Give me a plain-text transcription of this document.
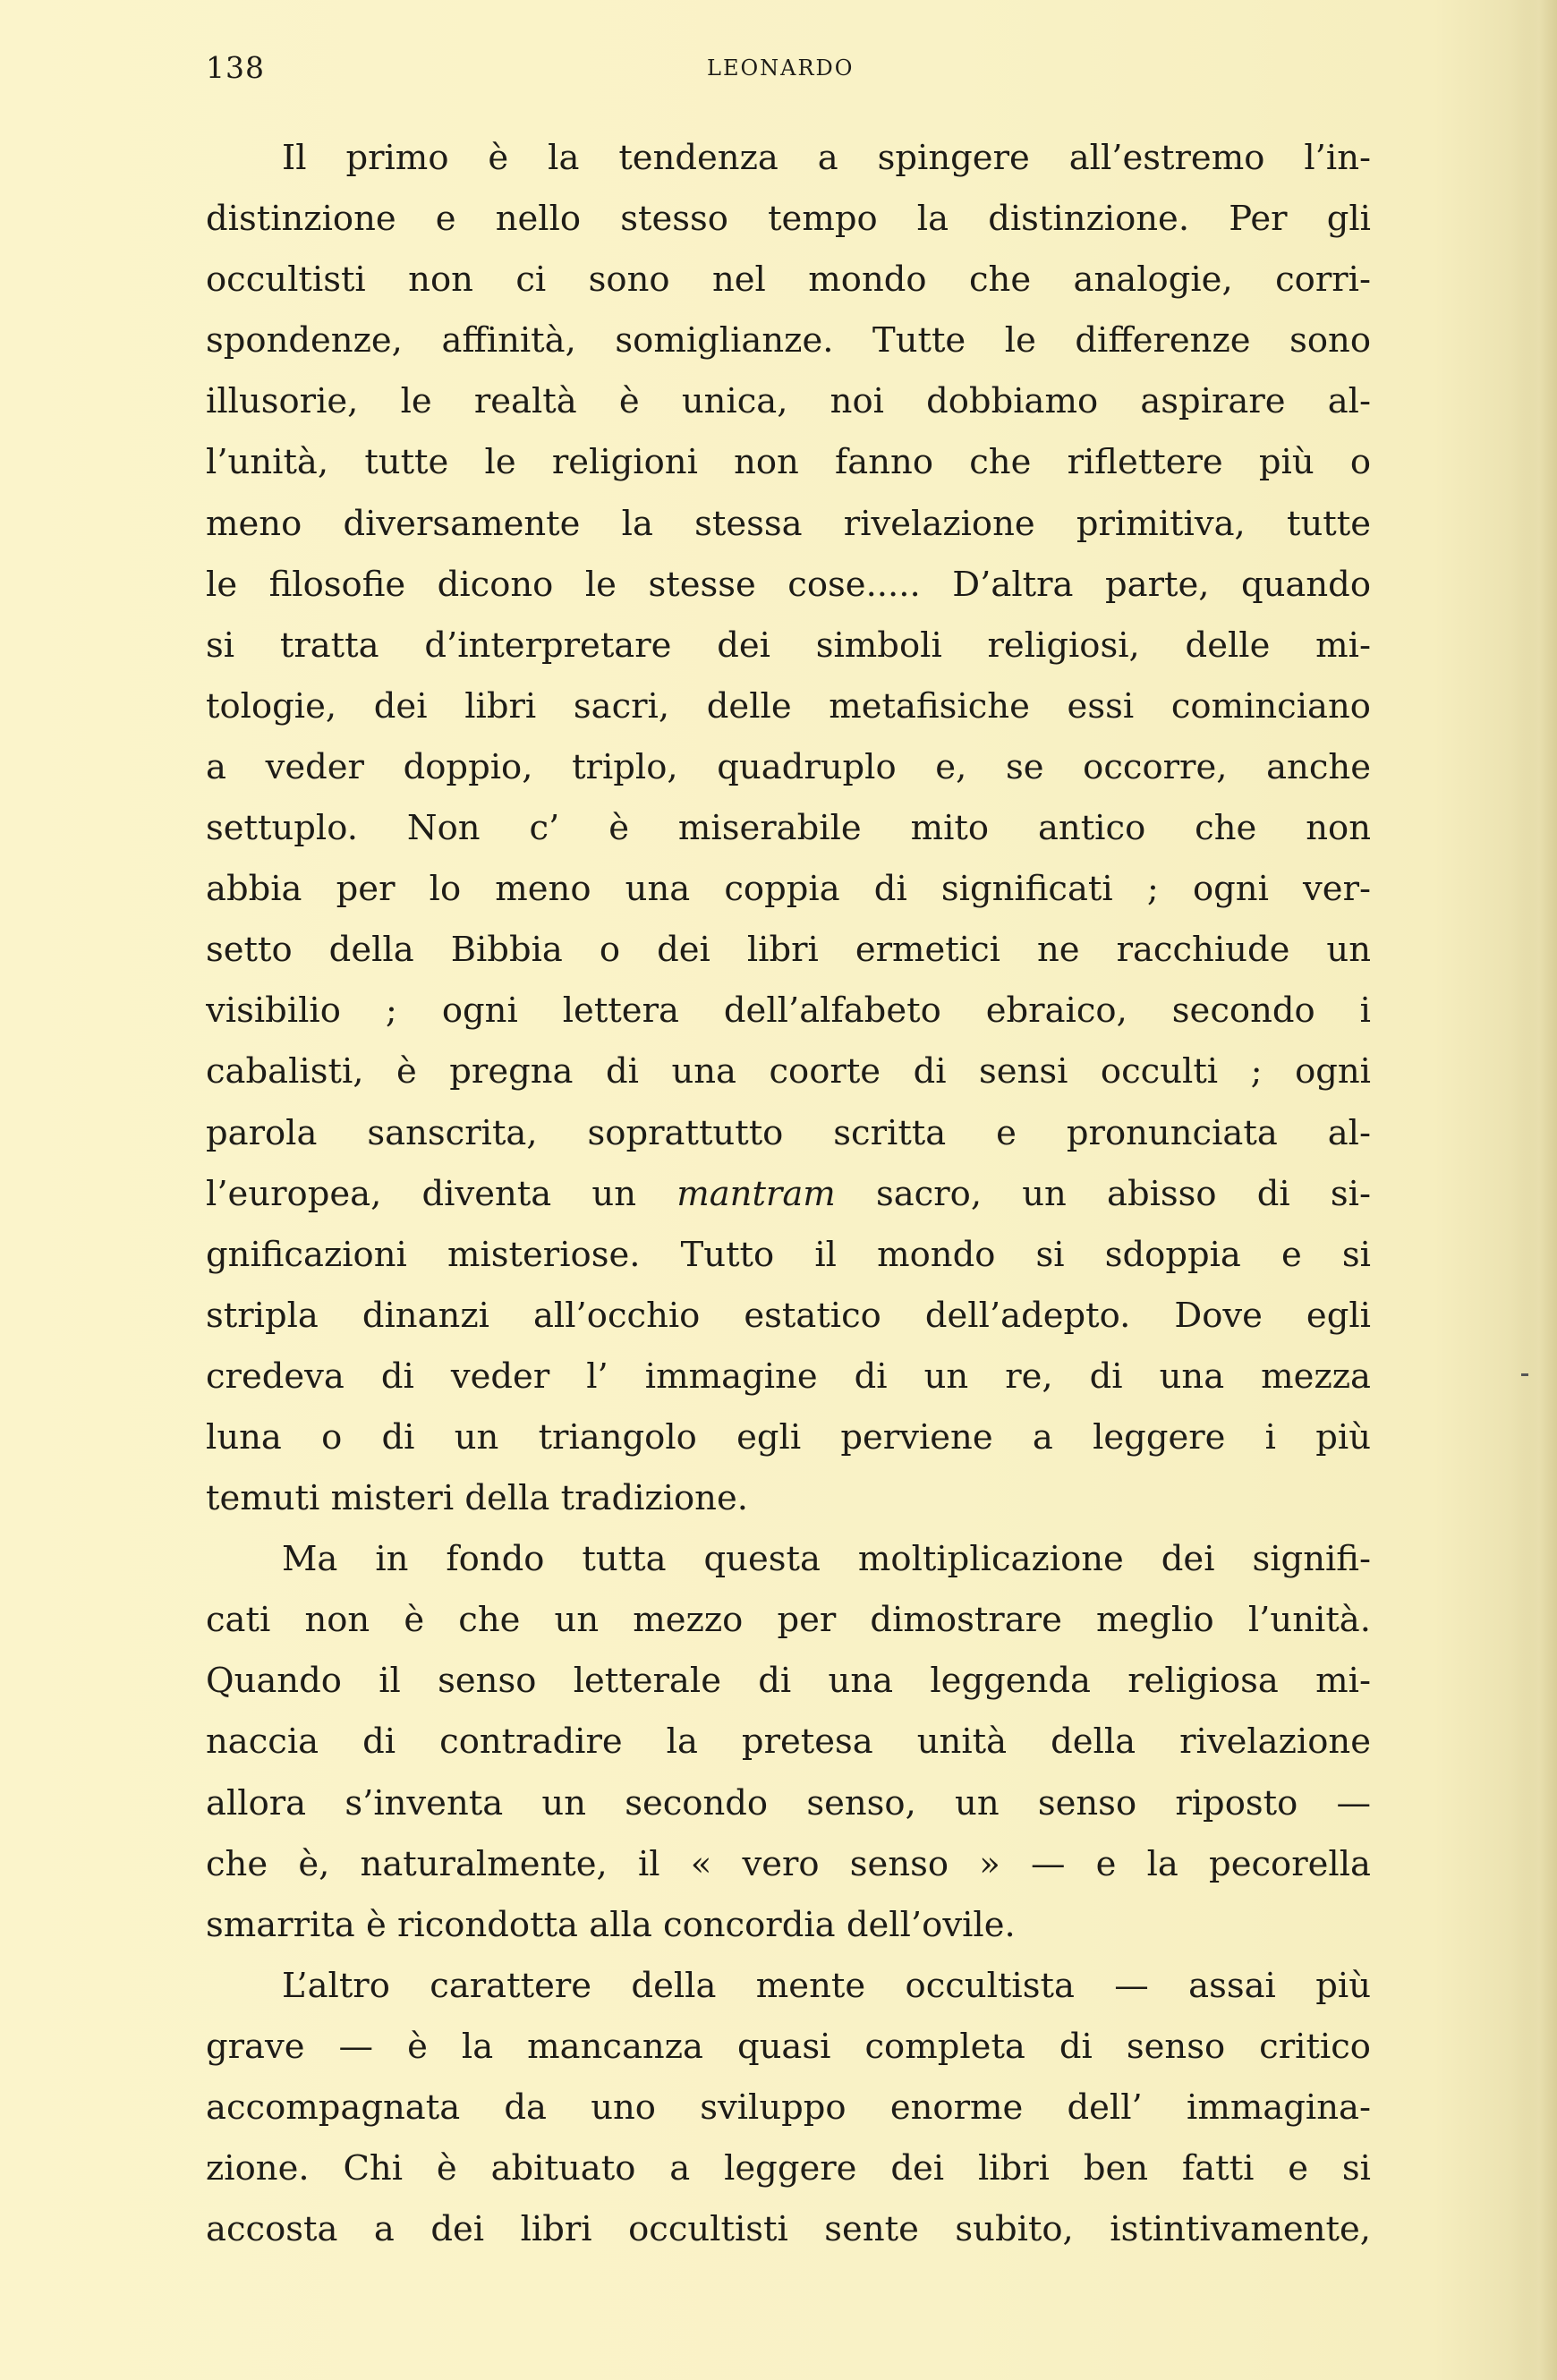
138	LEONARDO
Il primo è la tendenza a spingere all’estremo l’in-
distinzione e nello stesso tempo la distinzione. Per gli
occultisti non ci sono nel mondo che analogie, corri-
spondenze, affinità, somiglianze. Tutte le differenze sono
illusorie, le realtà è unica, noi dobbiamo aspirare al-
l’unità, tutte le religioni non fanno che riflettere più o
meno diversamente la stessa rivelazione primitiva, tutte
le filosofie dicono le stesse cose..... D’altra parte, quando
si tratta d’interpretare dei simboli religiosi, delle mi-
tologie, dei libri sacri, delle metafisiche essi cominciano
a veder doppio, triplo, quadruplo e, se occorre, anche
settuplo. Non c’ è miserabile mito antico che non
abbia per lo meno una coppia di significati ; ogni ver-
setto della Bibbia o dei libri ermetici ne racchiude un
visibilio ; ogni lettera dell’alfabeto ebraico, secondo i
cabalisti, è pregna di una coorte di sensi occulti ; ogni
parola sanscrita, soprattutto scritta e pronunciata al-
l’europea, diventa un mantram sacro, un abisso di si-
gnificazioni misteriose. Tutto il mondo si sdoppia e si
stripla dinanzi all’occhio estatico dell’adepto. Dove egli
credeva di veder l’ immagine di un re, di una mezza
luna o di un triangolo egli perviene a leggere i più
temuti misteri della tradizione.
Ma in fondo tutta questa moltiplicazione dei signifi-
cati non è che un mezzo per dimostrare meglio l’unità.
Quando il senso letterale di una leggenda religiosa mi-
naccia di contradire la pretesa unità della rivelazione
allora s’inventa un secondo senso, un senso riposto —
che è, naturalmente, il « vero senso » — e la pecorella
smarrita è ricondotta alla concordia dell’ovile.
L’altro carattere della mente occultista — assai più
grave — è la mancanza quasi completa di senso critico
accompagnata da uno sviluppo enorme dell’ immagina-
zione. Chi è abituato a leggere dei libri ben fatti e si
accosta a dei libri occultisti sente subito, istintivamente,
